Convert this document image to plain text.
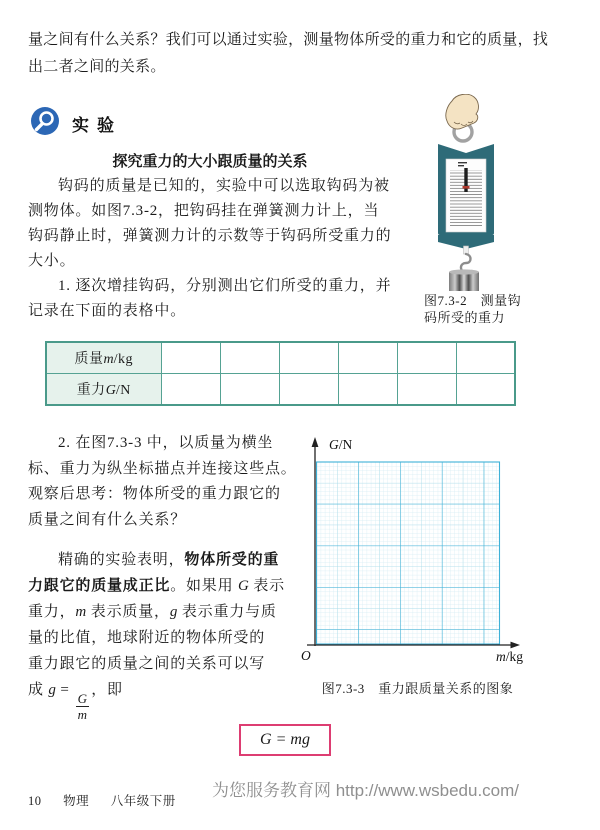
量之间有什么关系？我们可以通过实验，测量物体所受的重力和它的质量，找
出二者之间的关系。
实验
探究重力的大小跟质量的关系
钩码的质量是已知的，实验中可以选取钩码为被
测物体。如图7.3-2，把钩码挂在弹簧测力计上，当
钩码静止时，弹簧测力计的示数等于钩码所受重力的
大小。
1. 逐次增挂钩码，分别测出它们所受的重力，并
记录在下面的表格中。
图7.3-2　测量钩
码所受的重力
质量m/kg						
重力G/N						
2. 在图7.3-3 中，以质量为横坐
标、重力为纵坐标描点并连接这些点。
观察后思考：物体所受的重力跟它的
质量之间有什么关系？
精确的实验表明，物体所受的重
力跟它的质量成正比。如果用 G 表示
重力，m 表示质量，g 表示重力与质
量的比值，地球附近的物体所受的
重力跟它的质量之间的关系可以写
成 g =
$\frac{G}{m}$
，即
G/N
m/kg
O
图7.3-3　重力跟质量关系的图象
G = mg
10 物理 八年级下册
为您服务教育网 http://www.wsbedu.com/
